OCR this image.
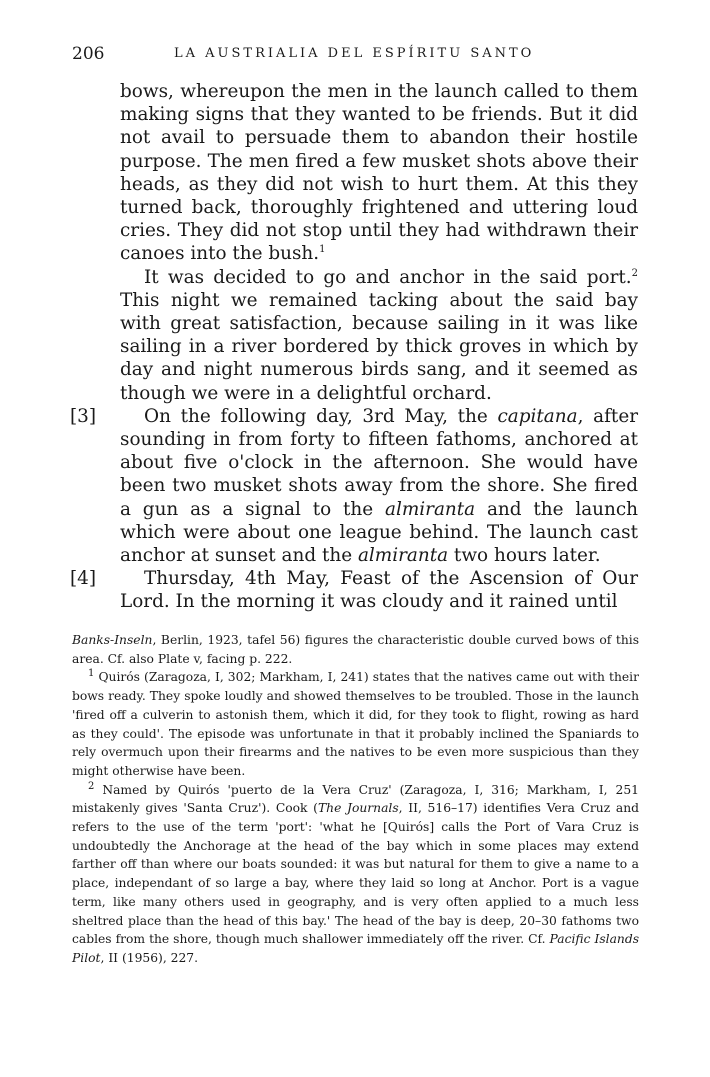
206	LA AUSTRIALIA DEL ESPÍRITU SANTO

bows, whereupon the men in the launch called to them making signs that they wanted to be friends. But it did not avail to persuade them to abandon their hostile purpose. The men fired a few musket shots above their heads, as they did not wish to hurt them. At this they turned back, thoroughly frightened and uttering loud cries. They did not stop until they had withdrawn their canoes into the bush.$^1$

It was decided to go and anchor in the said port.$^2$ This night we remained tacking about the said bay with great satisfaction, because sailing in it was like sailing in a river bordered by thick groves in which by day and night numerous birds sang, and it seemed as though we were in a delightful orchard.

[3]	On the following day, 3rd May, the capitana, after sounding in from forty to fifteen fathoms, anchored at about five o'clock in the afternoon. She would have been two musket shots away from the shore. She fired a gun as a signal to the almiranta and the launch which were about one league behind. The launch cast anchor at sunset and the almiranta two hours later.

[4]	Thursday, 4th May, Feast of the Ascension of Our Lord. In the morning it was cloudy and it rained until

Banks-Inseln, Berlin, 1923, tafel 56) figures the characteristic double curved bows of this area. Cf. also Plate v, facing p. 222.

$^1$ Quirós (Zaragoza, I, 302; Markham, I, 241) states that the natives came out with their bows ready. They spoke loudly and showed themselves to be troubled. Those in the launch 'fired off a culverin to astonish them, which it did, for they took to flight, rowing as hard as they could'. The episode was unfortunate in that it probably inclined the Spaniards to rely overmuch upon their firearms and the natives to be even more suspicious than they might otherwise have been.

$^2$ Named by Quirós 'puerto de la Vera Cruz' (Zaragoza, I, 316; Markham, I, 251 mistakenly gives 'Santa Cruz'). Cook (The Journals, II, 516–17) identifies Vera Cruz and refers to the use of the term 'port': 'what he [Quirós] calls the Port of Vara Cruz is undoubtedly the Anchorage at the head of the bay which in some places may extend farther off than where our boats sounded: it was but natural for them to give a name to a place, independant of so large a bay, where they laid so long at Anchor. Port is a vague term, like many others used in geography, and is very often applied to a much less sheltred place than the head of this bay.' The head of the bay is deep, 20–30 fathoms two cables from the shore, though much shallower immediately off the river. Cf. Pacific Islands Pilot, II (1956), 227.
